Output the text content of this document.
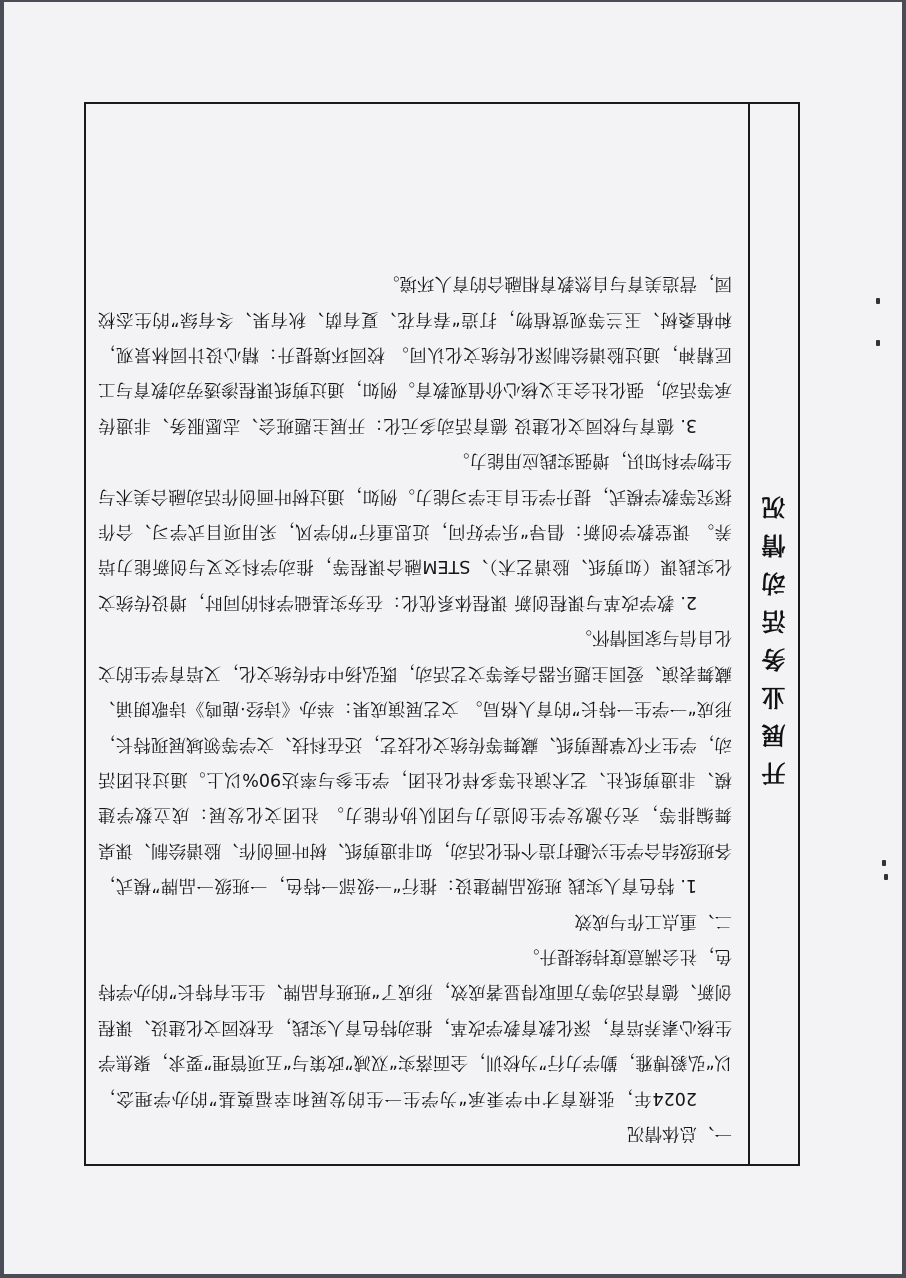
开展业务活动情况

一、总体情况

2024年，张掖育才中学秉承“为学生一生的发展和幸福奠基”的办学理念，以“弘毅博雅，勤学力行”为校训，全面落实“双减”政策与“五项管理”要求，聚焦学生核心素养培育，深化教育教学改革，推动特色育人实践，在校园文化建设、课程创新、德育活动等方面取得显著成效，形成了“班班有品牌、生生有特长”的办学特色，社会满意度持续提升。

二、重点工作与成效

1. 特色育人实践 班级品牌建设：推行“一级部一特色，一班级一品牌”模式，各班级结合学生兴趣打造个性化活动，如非遗剪纸、树叶画创作、脸谱绘制、课桌舞编排等，充分激发学生创造力与团队协作能力。 社团文化发展：成立数学建模、非遗剪纸社、艺术演社等多样化社团，学生参与率达90%以上。通过社团活动，学生不仅掌握剪纸、藏舞等传统文化技艺，还在科技、文学等领域展现特长，形成“一学生一特长”的育人格局。 文艺展演成果：举办《诗经·鹿鸣》诗歌朗诵、藏舞表演、爱国主题乐器合奏等文艺活动，既弘扬中华传统文化，又培育学生的文化自信与家国情怀。

2. 教学改革与课程创新 课程体系优化：在夯实基础学科的同时，增设传统文化实践课（如剪纸、脸谱艺术）、STEM融合课程等，推动学科交叉与创新能力培养。 课堂教学创新：倡导“乐学好问，近思重行”的学风，采用项目式学习、合作探究等教学模式，提升学生自主学习能力。例如，通过树叶画创作活动融合美术与生物学科知识，增强实践应用能力。

3. 德育与校园文化建设 德育活动多元化：开展主题班会、志愿服务、非遗传承等活动，强化社会主义核心价值观教育。例如，通过剪纸课程渗透劳动教育与工匠精神，通过脸谱绘制深化传统文化认同。 校园环境提升：精心设计园林景观，种植桑树、玉兰等观赏植物，打造“春有花、夏有荫、秋有果、冬有绿”的生态校园，营造美育与自然教育相融合的育人环境。
